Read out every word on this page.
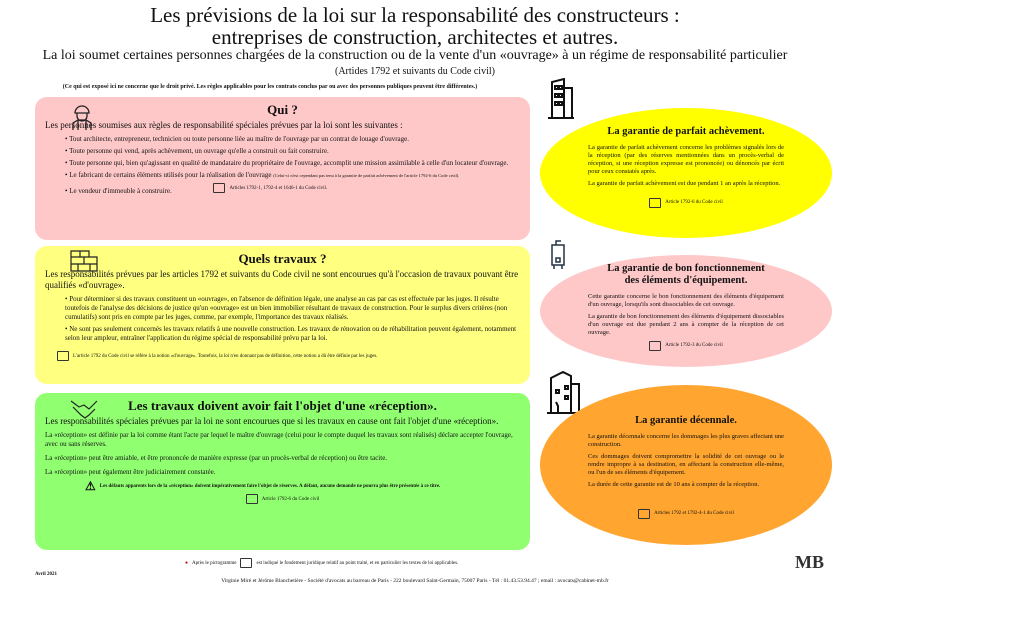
Les prévisions de la loi sur la responsabilité des constructeurs :
entreprises de construction, architectes et autres.
La loi soumet certaines personnes chargées de la construction ou de la vente d'un «ouvrage» à un régime de responsabilité particulier
(Artides 1792 et suivants du Code civil)
(Ce qui est exposé ici ne concerne que le droit privé. Les règles applicables pour les contrats conclus par ou avec des personnes publiques peuvent être différentes.)
Qui ?
Les personnes soumises aux règles de responsabilité spéciales prévues par la loi sont les suivantes :
• Tout architecte, entrepreneur, technicien ou toute personne liée au maître de l'ouvrage par un contrat de louage d'ouvrage.
• Toute personne qui vend, après achèvement, un ouvrage qu'elle a construit ou fait construire.
• Toute personne qui, bien qu'agissant en qualité de mandataire du propriétaire de l'ouvrage, accomplit une mission assimilable à celle d'un locateur d'ouvrage.
• Le fabricant de certains éléments utilisés pour la réalisation de l'ouvrage (Celui-ci n'est cependant pas tenu à la garantie de parfait achèvement de l'article 1792-6 du Code civil).
• Le vendeur d'immeuble à construire.	Articles 1792-1, 1792-4 et 1646-1 du Code civil.
Quels travaux ?
Les responsabilités prévues par les articles 1792 et suivants du Code civil ne sont encourues qu'à l'occasion de travaux pouvant être qualifiés «d'ouvrage».
• Pour déterminer si des travaux constituent un «ouvrage», en l'absence de définition légale, une analyse au cas par cas est effectuée par les juges. Il résulte toutefois de l'analyse des décisions de justice qu'un «ouvrage» est un bien immobilier résultant de travaux de construction. Pour le surplus divers critères (non cumulatifs) sont pris en compte par les juges, comme, par exemple, l'importance des travaux réalisés.
• Ne sont pas seulement concernés les travaux relatifs à une nouvelle construction. Les travaux de rénovation ou de réhabilitation peuvent également, notamment selon leur ampleur, entraîner l'application du régime spécial de responsabilité prévu par la loi.
L'article 1792 du Code civil se réfère à la notion «d'ouvrage». Toutefois, la loi n'en donnant pas de définition, cette notion a dû être définie par les juges.
Les travaux doivent avoir fait l'objet d'une «réception».
Les responsabilités spéciales prévues par la loi ne sont encourues que si les travaux en cause ont fait l'objet d'une «réception».

La «réception» est définie par la loi comme étant l'acte par lequel le maître d'ouvrage (celui pour le compte duquel les travaux sont réalisés) déclare accepter l'ouvrage, avec ou sans réserves.

La «réception» peut être amiable, et être prononcée de manière expresse (par un procès-verbal de réception) ou être tacite.

La «réception» peut également être judiciairement constatée.

⚠ Les défauts apparents lors de la «réception» doivent impérativement faire l'objet de réserves. A défaut, aucune demande ne pourra plus être présentée à ce titre.
Article 1792-6 du Code civil
La garantie de parfait achèvement.

La garantie de parfait achèvement concerne les problèmes signalés lors de la réception (par des réserves mentionnées dans un procès-verbal de réception, si une réception expresse est prononcée) ou dénoncés par écrit pour ceux constatés après.

La garantie de parfait achèvement est due pendant 1 an après la réception.

Article 1792-6 du Code civil
La garantie de bon fonctionnement
des éléments d'équipement.

Cette garantie concerne le bon fonctionnement des éléments d'équipement d'un ouvrage, lorsqu'ils sont dissociables de cet ouvrage.

La garantie de bon fonctionnement des éléments d'équipement dissociables d'un ouvrage est due pendant 2 ans à compter de la réception de cet ouvrage.

Article 1792-3 du Code civil
La garantie décennale.

La garantie décennale concerne les dommages les plus graves affectant une construction.

Ces dommages doivent compromettre la solidité de cet ouvrage ou le rendre impropre à sa destination, en affectant la construction elle-même, ou l'un de ses éléments d'équipement.

La durée de cette garantie est de 10 ans à compter de la réception.

Articles 1792 et 1792-4-1 du Code civil
● Après le pictogramme	est indiqué le fondement juridique relatif au point traité, et en particulier les textes de loi applicables.
Avril 2021
Virginie Miré et Jérôme Blanchetière - Société d'avocats au barreau de Paris - 222 boulevard Saint-Germain, 75007 Paris - Tél : 01.43.53.94.47 ; email : avocats@cabinet-mb.fr
MB
